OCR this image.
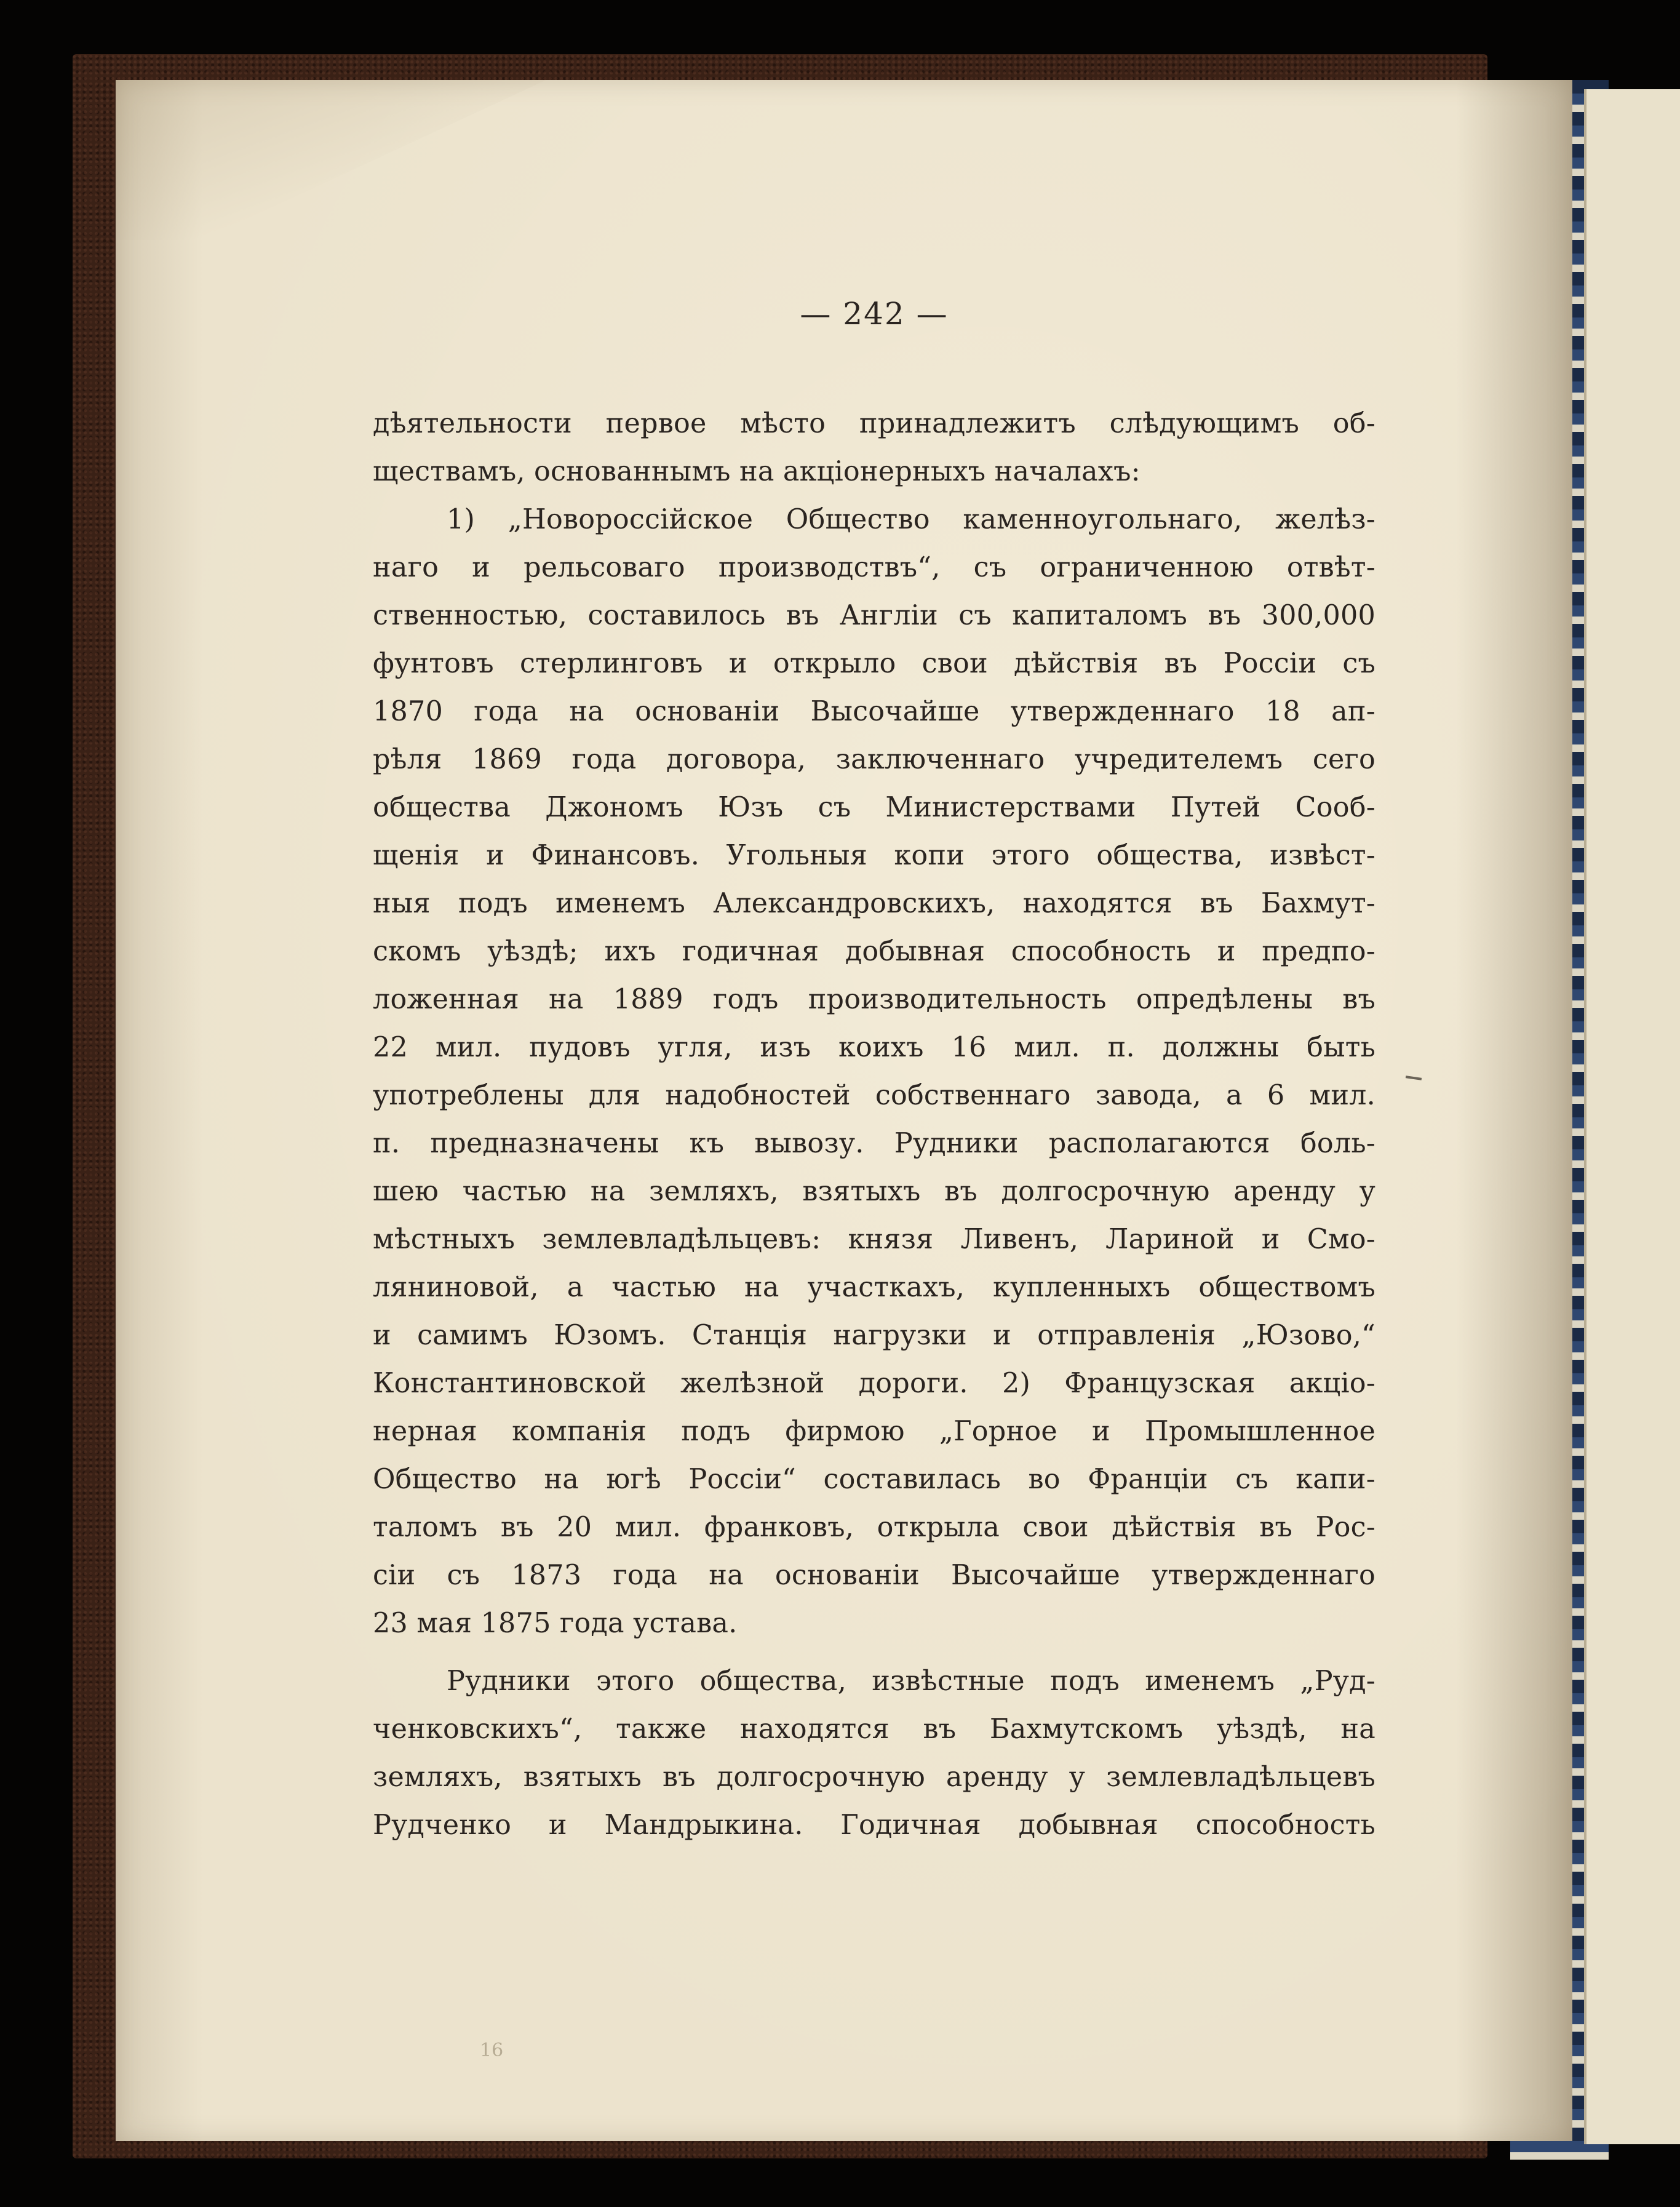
— 242 —
дѣятельности первое мѣсто принадлежитъ слѣдующимъ об-
ществамъ, основаннымъ на акціонерныхъ началахъ:
1) „Новороссійское Общество каменноугольнаго, желѣз-
наго и рельсоваго производствъ“, съ ограниченною отвѣт-
ственностью, составилось въ Англіи съ капиталомъ въ 300,000
фунтовъ стерлинговъ и открыло свои дѣйствія въ Россіи съ
1870 года на основаніи Высочайше утвержденнаго 18 ап-
рѣля 1869 года договора, заключеннаго учредителемъ сего
общества Джономъ Юзъ съ Министерствами Путей Сооб-
щенія и Финансовъ. Угольныя копи этого общества, извѣст-
ныя подъ именемъ Александровскихъ, находятся въ Бахмут-
скомъ уѣздѣ; ихъ годичная добывная способность и предпо-
ложенная на 1889 годъ производительность опредѣлены въ
22 мил. пудовъ угля, изъ коихъ 16 мил. п. должны быть
употреблены для надобностей собственнаго завода, а 6 мил.
п. предназначены къ вывозу. Рудники располагаются боль-
шею частью на земляхъ, взятыхъ въ долгосрочную аренду у
мѣстныхъ землевладѣльцевъ: князя Ливенъ, Лариной и Смо-
ляниновой, а частью на участкахъ, купленныхъ обществомъ
и самимъ Юзомъ. Станція нагрузки и отправленія „Юзово,“
Константиновской желѣзной дороги. 2) Французская акціо-
нерная компанія подъ фирмою „Горное и Промышленное
Общество на югѣ Россіи“ составилась во Франціи съ капи-
таломъ въ 20 мил. франковъ, открыла свои дѣйствія въ Рос-
сіи съ 1873 года на основаніи Высочайше утвержденнаго
23 мая 1875 года устава.
Рудники этого общества, извѣстные подъ именемъ „Руд-
ченковскихъ“, также находятся въ Бахмутскомъ уѣздѣ, на
земляхъ, взятыхъ въ долгосрочную аренду у землевладѣльцевъ
Рудченко и Мандрыкина. Годичная добывная способность
16
